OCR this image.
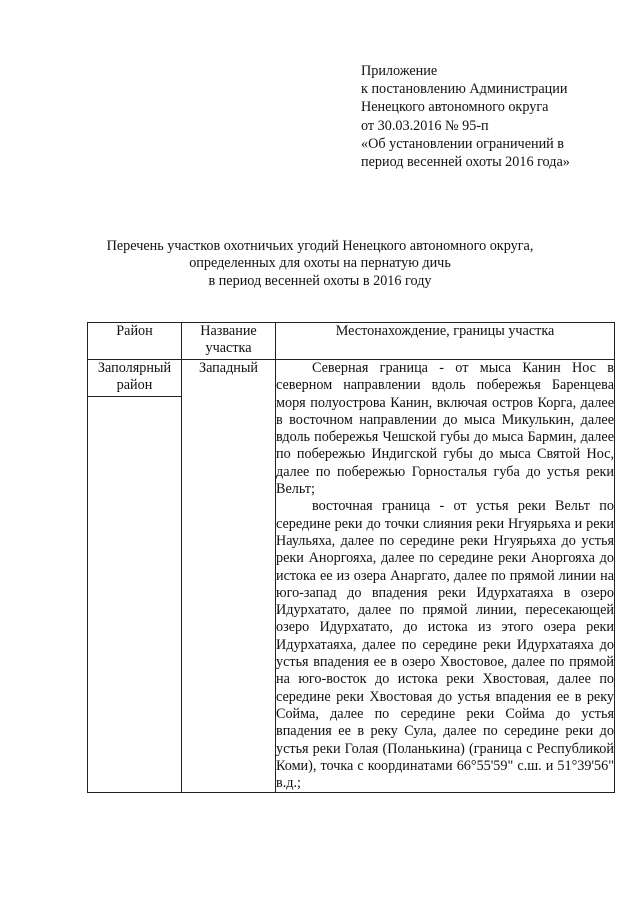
Приложение
к постановлению Администрации
Ненецкого автономного округа
от 30.03.2016 № 95-п
«Об установлении ограничений в
период весенней охоты 2016 года»
Перечень участков охотничьих угодий Ненецкого автономного округа,
определенных для охоты на пернатую дичь
в период весенней охоты в 2016 году
Район	Название участка	Местонахождение, границы участка

Заполярный район	Западный	Северная граница - от мыса Канин Нос в северном направлении вдоль побережья Баренцева моря полуострова Канин, включая остров Корга, далее в восточном направлении до мыса Микулькин, далее вдоль побережья Чешской губы до мыса Бармин, далее по побережью Индигской губы до мыса Святой Нос, далее по побережью Горносталья губа до устья реки Вельт;

восточная граница - от устья реки Вельт по середине реки до точки слияния реки Нгуярьяха и реки Наульяха, далее по середине реки Нгуярьяха до устья реки Аноргояха, далее по середине реки Аноргояха до истока ее из озера Анаргато, далее по прямой линии на юго-запад до впадения реки Идурхатаяха в озеро Идурхатато, далее по прямой линии, пересекающей озеро Идурхатато, до истока из этого озера реки Идурхатаяха, далее по середине реки Идурхатаяха до устья впадения ее в озеро Хвостовое, далее по прямой на юго-восток до истока реки Хвостовая, далее по середине реки Хвостовая до устья впадения ее в реку Сойма, далее по середине реки Сойма до устья впадения ее в реку Сула, далее по середине реки до устья реки Голая (Поланькина) (граница с Республикой Коми), точка с координатами 66°55'59" с.ш. и 51°39'56" в.д.;
